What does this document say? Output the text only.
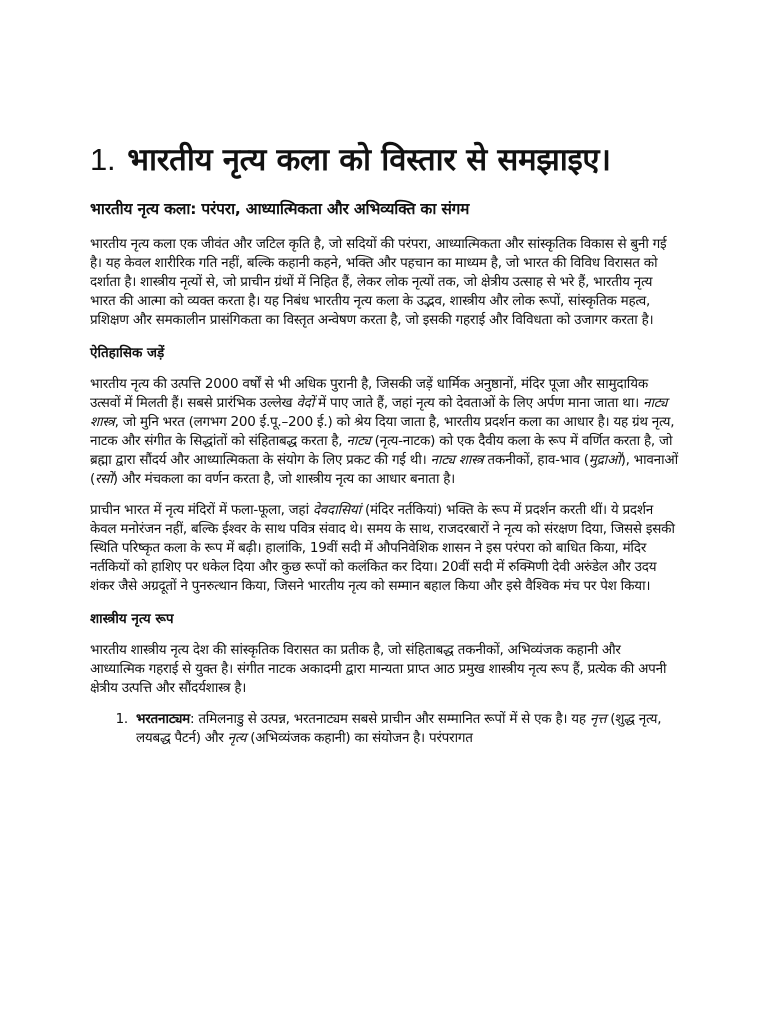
1. भारतीय नृत्य कला को विस्तार से समझाइए।
भारतीय नृत्य कला: परंपरा, आध्यात्मिकता और अभिव्यक्ति का संगम

भारतीय नृत्य कला एक जीवंत और जटिल कृति है, जो सदियों की परंपरा, आध्यात्मिकता और सांस्कृतिक विकास से बुनी गई है। यह केवल शारीरिक गति नहीं, बल्कि कहानी कहने, भक्ति और पहचान का माध्यम है, जो भारत की विविध विरासत को दर्शाता है। शास्त्रीय नृत्यों से, जो प्राचीन ग्रंथों में निहित हैं, लेकर लोक नृत्यों तक, जो क्षेत्रीय उत्साह से भरे हैं, भारतीय नृत्य भारत की आत्मा को व्यक्त करता है। यह निबंध भारतीय नृत्य कला के उद्भव, शास्त्रीय और लोक रूपों, सांस्कृतिक महत्व, प्रशिक्षण और समकालीन प्रासंगिकता का विस्तृत अन्वेषण करता है, जो इसकी गहराई और विविधता को उजागर करता है।

ऐतिहासिक जड़ें

भारतीय नृत्य की उत्पत्ति 2000 वर्षों से भी अधिक पुरानी है, जिसकी जड़ें धार्मिक अनुष्ठानों, मंदिर पूजा और सामुदायिक उत्सवों में मिलती हैं। सबसे प्रारंभिक उल्लेख वेदों में पाए जाते हैं, जहां नृत्य को देवताओं के लिए अर्पण माना जाता था। नाट्य शास्त्र, जो मुनि भरत (लगभग 200 ई.पू.–200 ई.) को श्रेय दिया जाता है, भारतीय प्रदर्शन कला का आधार है। यह ग्रंथ नृत्य, नाटक और संगीत के सिद्धांतों को संहिताबद्ध करता है, नाट्य (नृत्य-नाटक) को एक दैवीय कला के रूप में वर्णित करता है, जो ब्रह्मा द्वारा सौंदर्य और आध्यात्मिकता के संयोग के लिए प्रकट की गई थी। नाट्य शास्त्र तकनीकों, हाव-भाव (मुद्राओं), भावनाओं (रसों) और मंचकला का वर्णन करता है, जो शास्त्रीय नृत्य का आधार बनाता है।

प्राचीन भारत में नृत्य मंदिरों में फला-फूला, जहां देवदासियां (मंदिर नर्तकियां) भक्ति के रूप में प्रदर्शन करती थीं। ये प्रदर्शन केवल मनोरंजन नहीं, बल्कि ईश्वर के साथ पवित्र संवाद थे। समय के साथ, राजदरबारों ने नृत्य को संरक्षण दिया, जिससे इसकी स्थिति परिष्कृत कला के रूप में बढ़ी। हालांकि, 19वीं सदी में औपनिवेशिक शासन ने इस परंपरा को बाधित किया, मंदिर नर्तकियों को हाशिए पर धकेल दिया और कुछ रूपों को कलंकित कर दिया। 20वीं सदी में रुक्मिणी देवी अरुंडेल और उदय शंकर जैसे अग्रदूतों ने पुनरुत्थान किया, जिसने भारतीय नृत्य को सम्मान बहाल किया और इसे वैश्विक मंच पर पेश किया।

शास्त्रीय नृत्य रूप

भारतीय शास्त्रीय नृत्य देश की सांस्कृतिक विरासत का प्रतीक है, जो संहिताबद्ध तकनीकों, अभिव्यंजक कहानी और आध्यात्मिक गहराई से युक्त है। संगीत नाटक अकादमी द्वारा मान्यता प्राप्त आठ प्रमुख शास्त्रीय नृत्य रूप हैं, प्रत्येक की अपनी क्षेत्रीय उत्पत्ति और सौंदर्यशास्त्र है।

1. भरतनाट्यम: तमिलनाडु से उत्पन्न, भरतनाट्यम सबसे प्राचीन और सम्मानित रूपों में से एक है। यह नृत्त (शुद्ध नृत्य, लयबद्ध पैटर्न) और नृत्य (अभिव्यंजक कहानी) का संयोजन है। परंपरागत
